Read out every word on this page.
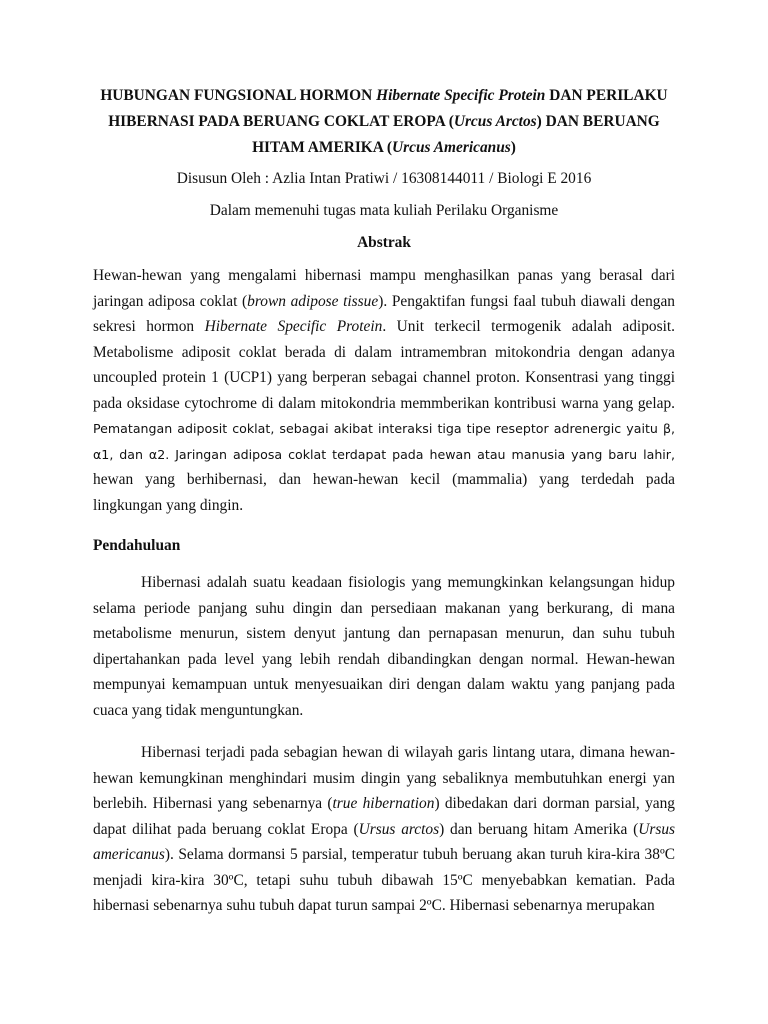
HUBUNGAN FUNGSIONAL HORMON Hibernate Specific Protein DAN PERILAKU HIBERNASI PADA BERUANG COKLAT EROPA (Urcus Arctos) DAN BERUANG HITAM AMERIKA (Urcus Americanus)

Disusun Oleh : Azlia Intan Pratiwi / 16308144011 / Biologi E 2016
Dalam memenuhi tugas mata kuliah Perilaku Organisme
Abstrak

Hewan-hewan yang mengalami hibernasi mampu menghasilkan panas yang berasal dari jaringan adiposa coklat (brown adipose tissue). Pengaktifan fungsi faal tubuh diawali dengan sekresi hormon Hibernate Specific Protein. Unit terkecil termogenik adalah adiposit. Metabolisme adiposit coklat berada di dalam intramembran mitokondria dengan adanya uncoupled protein 1 (UCP1) yang berperan sebagai channel proton. Konsentrasi yang tinggi pada oksidase cytochrome di dalam mitokondria memmberikan kontribusi warna yang gelap. Pematangan adiposit coklat, sebagai akibat interaksi tiga tipe reseptor adrenergic yaitu β, α1, dan α2. Jaringan adiposa coklat terdapat pada hewan atau manusia yang baru lahir, hewan yang berhibernasi, dan hewan-hewan kecil (mammalia) yang terdedah pada lingkungan yang dingin.

Pendahuluan

Hibernasi adalah suatu keadaan fisiologis yang memungkinkan kelangsungan hidup selama periode panjang suhu dingin dan persediaan makanan yang berkurang, di mana metabolisme menurun, sistem denyut jantung dan pernapasan menurun, dan suhu tubuh dipertahankan pada level yang lebih rendah dibandingkan dengan normal. Hewan-hewan mempunyai kemampuan untuk menyesuaikan diri dengan dalam waktu yang panjang pada cuaca yang tidak menguntungkan.

Hibernasi terjadi pada sebagian hewan di wilayah garis lintang utara, dimana hewan-hewan kemungkinan menghindari musim dingin yang sebaliknya membutuhkan energi yan berlebih. Hibernasi yang sebenarnya (true hibernation) dibedakan dari dorman parsial, yang dapat dilihat pada beruang coklat Eropa (Ursus arctos) dan beruang hitam Amerika (Ursus americanus). Selama dormansi 5 parsial, temperatur tubuh beruang akan turuh kira-kira 38ºC menjadi kira-kira 30ºC, tetapi suhu tubuh dibawah 15ºC menyebabkan kematian. Pada hibernasi sebenarnya suhu tubuh dapat turun sampai 2ºC. Hibernasi sebenarnya merupakan
